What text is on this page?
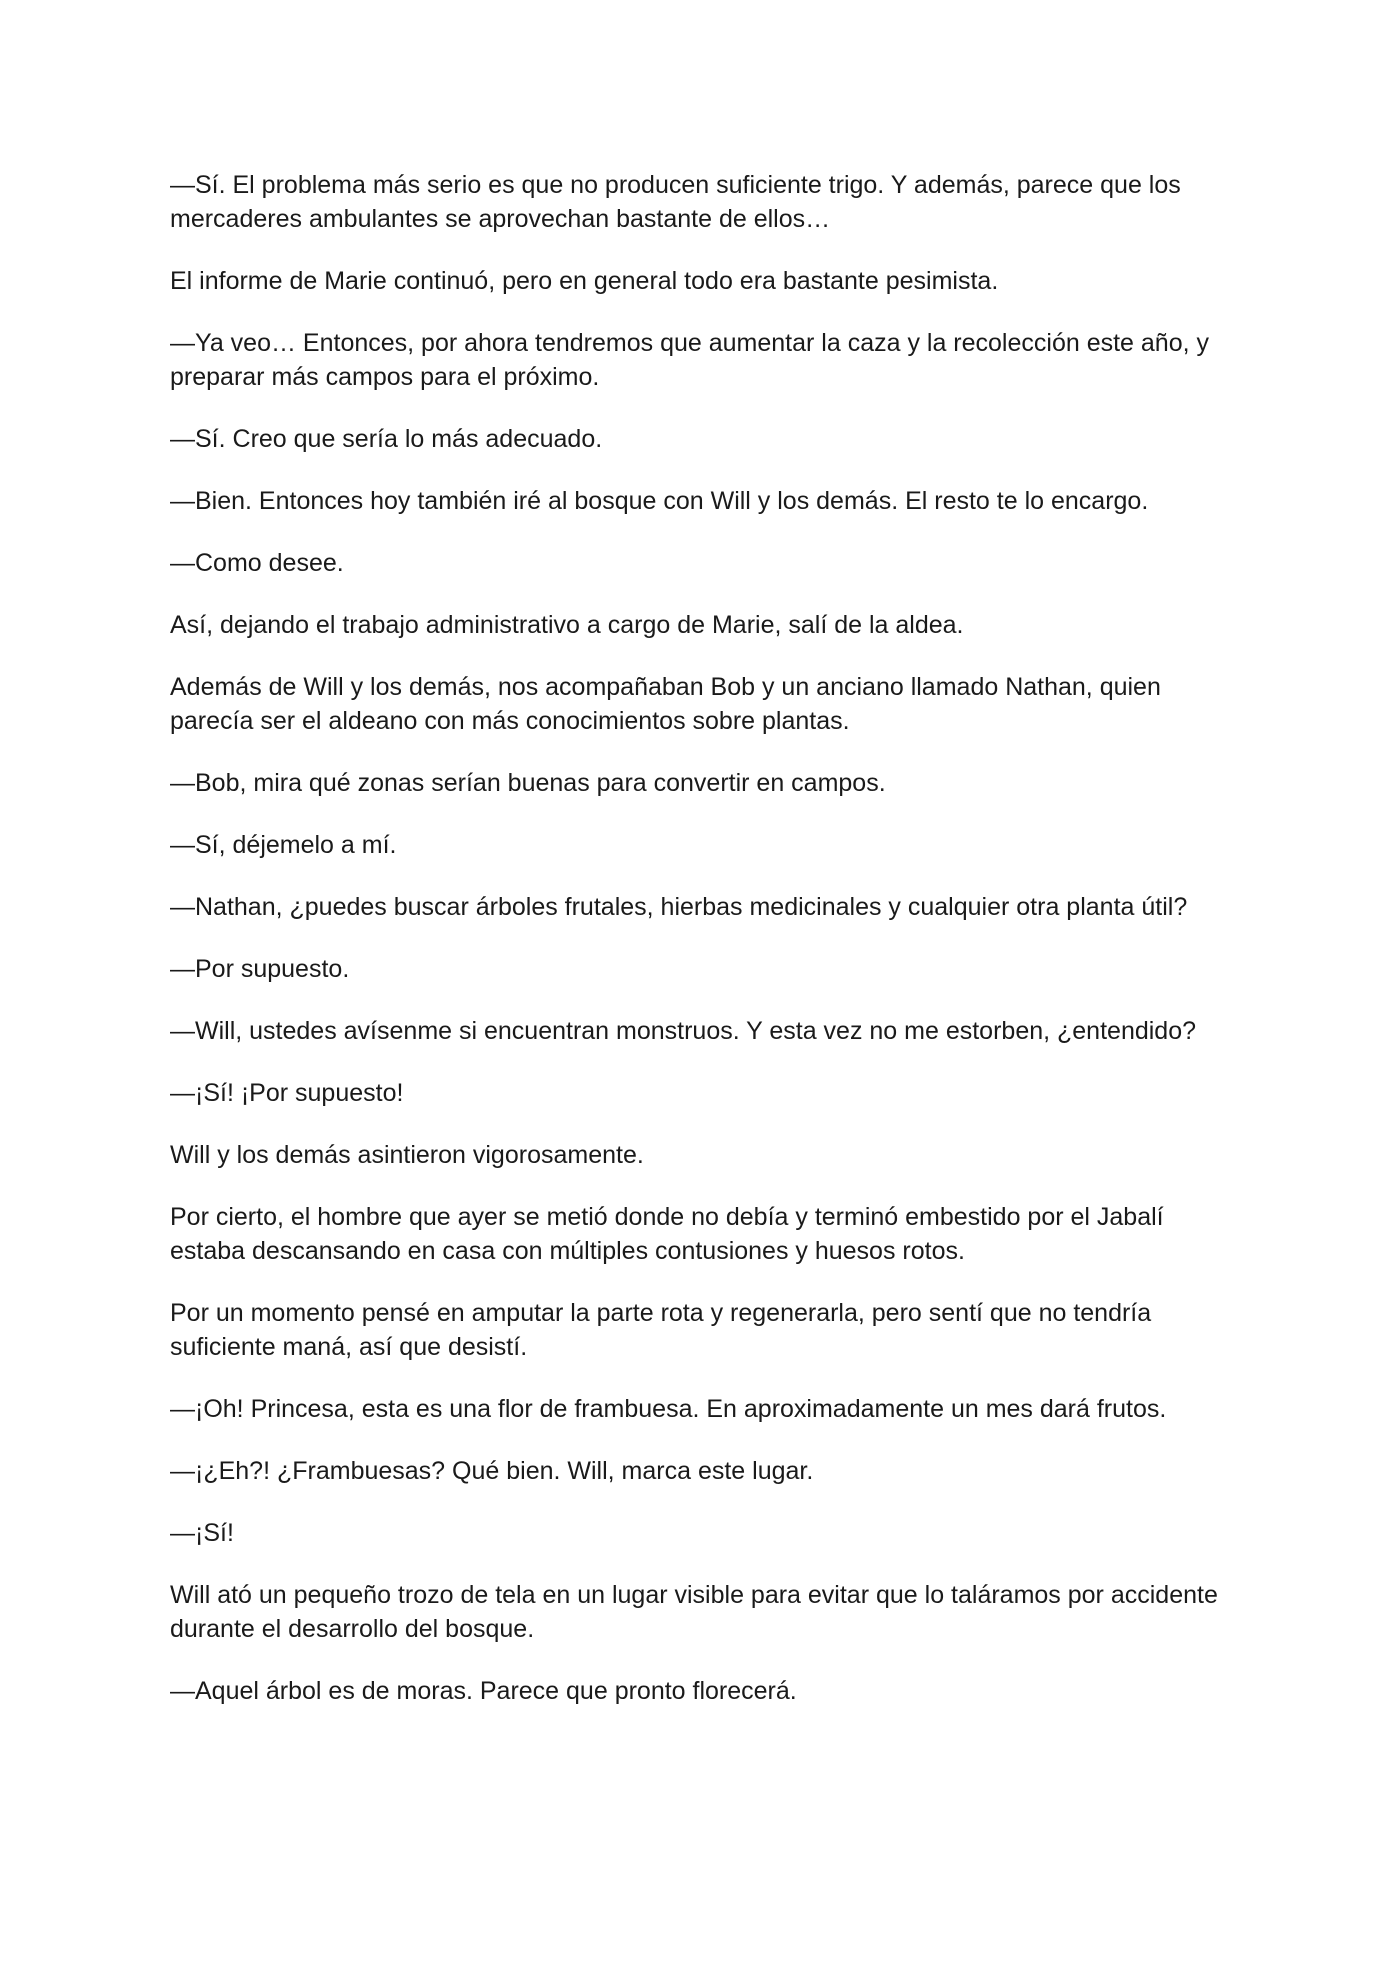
—Sí. El problema más serio es que no producen suficiente trigo. Y además, parece que los mercaderes ambulantes se aprovechan bastante de ellos…

El informe de Marie continuó, pero en general todo era bastante pesimista.

—Ya veo… Entonces, por ahora tendremos que aumentar la caza y la recolección este año, y preparar más campos para el próximo.

—Sí. Creo que sería lo más adecuado.

—Bien. Entonces hoy también iré al bosque con Will y los demás. El resto te lo encargo.

—Como desee.

Así, dejando el trabajo administrativo a cargo de Marie, salí de la aldea.

Además de Will y los demás, nos acompañaban Bob y un anciano llamado Nathan, quien parecía ser el aldeano con más conocimientos sobre plantas.

—Bob, mira qué zonas serían buenas para convertir en campos.

—Sí, déjemelo a mí.

—Nathan, ¿puedes buscar árboles frutales, hierbas medicinales y cualquier otra planta útil?

—Por supuesto.

—Will, ustedes avísenme si encuentran monstruos. Y esta vez no me estorben, ¿entendido?

—¡Sí! ¡Por supuesto!

Will y los demás asintieron vigorosamente.

Por cierto, el hombre que ayer se metió donde no debía y terminó embestido por el Jabalí estaba descansando en casa con múltiples contusiones y huesos rotos.

Por un momento pensé en amputar la parte rota y regenerarla, pero sentí que no tendría suficiente maná, así que desistí.

—¡Oh! Princesa, esta es una flor de frambuesa. En aproximadamente un mes dará frutos.

—¡¿Eh?! ¿Frambuesas? Qué bien. Will, marca este lugar.

—¡Sí!

Will ató un pequeño trozo de tela en un lugar visible para evitar que lo taláramos por accidente durante el desarrollo del bosque.

—Aquel árbol es de moras. Parece que pronto florecerá.
